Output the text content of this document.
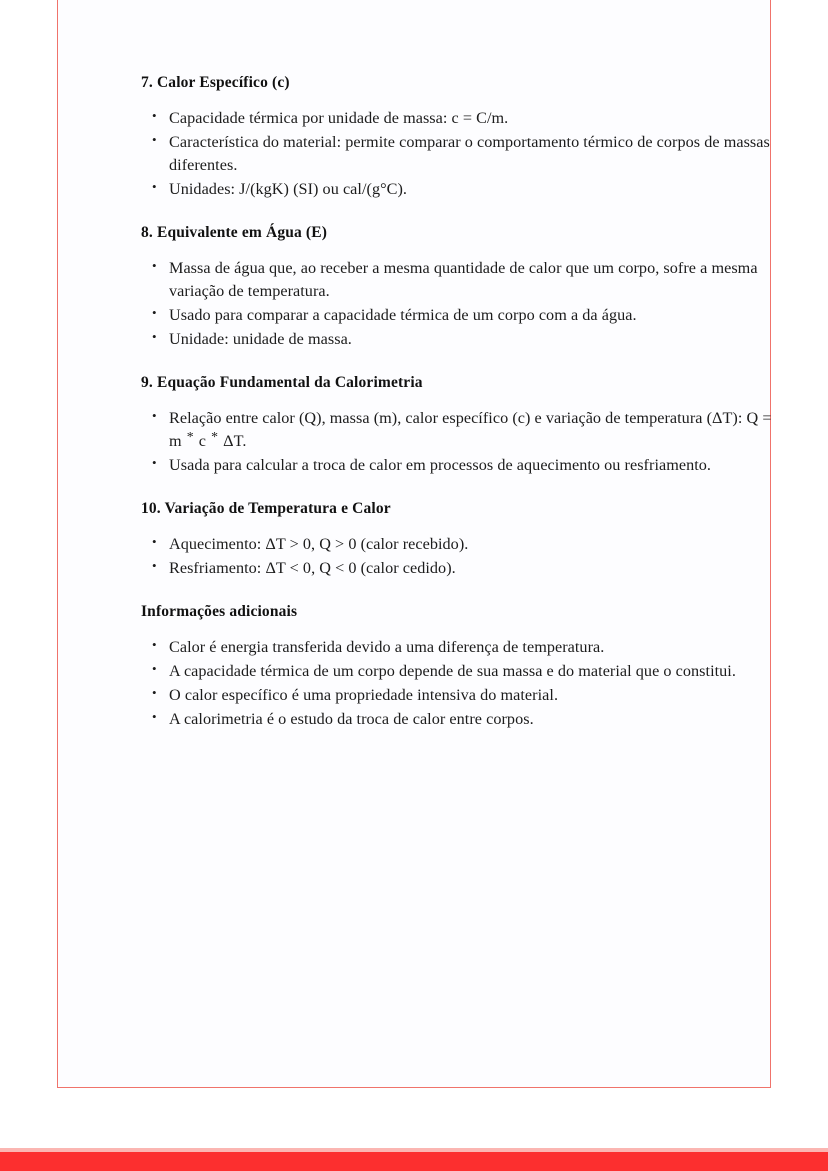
7. Calor Específico (c)
• Capacidade térmica por unidade de massa: c = C/m.
• Característica do material: permite comparar o comportamento térmico de corpos de massas diferentes.
• Unidades: J/(kgK) (SI) ou cal/(g°C).
8. Equivalente em Água (E)
• Massa de água que, ao receber a mesma quantidade de calor que um corpo, sofre a mesma variação de temperatura.
• Usado para comparar a capacidade térmica de um corpo com a da água.
• Unidade: unidade de massa.
9. Equação Fundamental da Calorimetria
• Relação entre calor (Q), massa (m), calor específico (c) e variação de temperatura (ΔT): Q = m * c * ΔT.
• Usada para calcular a troca de calor em processos de aquecimento ou resfriamento.
10. Variação de Temperatura e Calor
• Aquecimento: ΔT > 0, Q > 0 (calor recebido).
• Resfriamento: ΔT < 0, Q < 0 (calor cedido).
Informações adicionais
• Calor é energia transferida devido a uma diferença de temperatura.
• A capacidade térmica de um corpo depende de sua massa e do material que o constitui.
• O calor específico é uma propriedade intensiva do material.
• A calorimetria é o estudo da troca de calor entre corpos.
